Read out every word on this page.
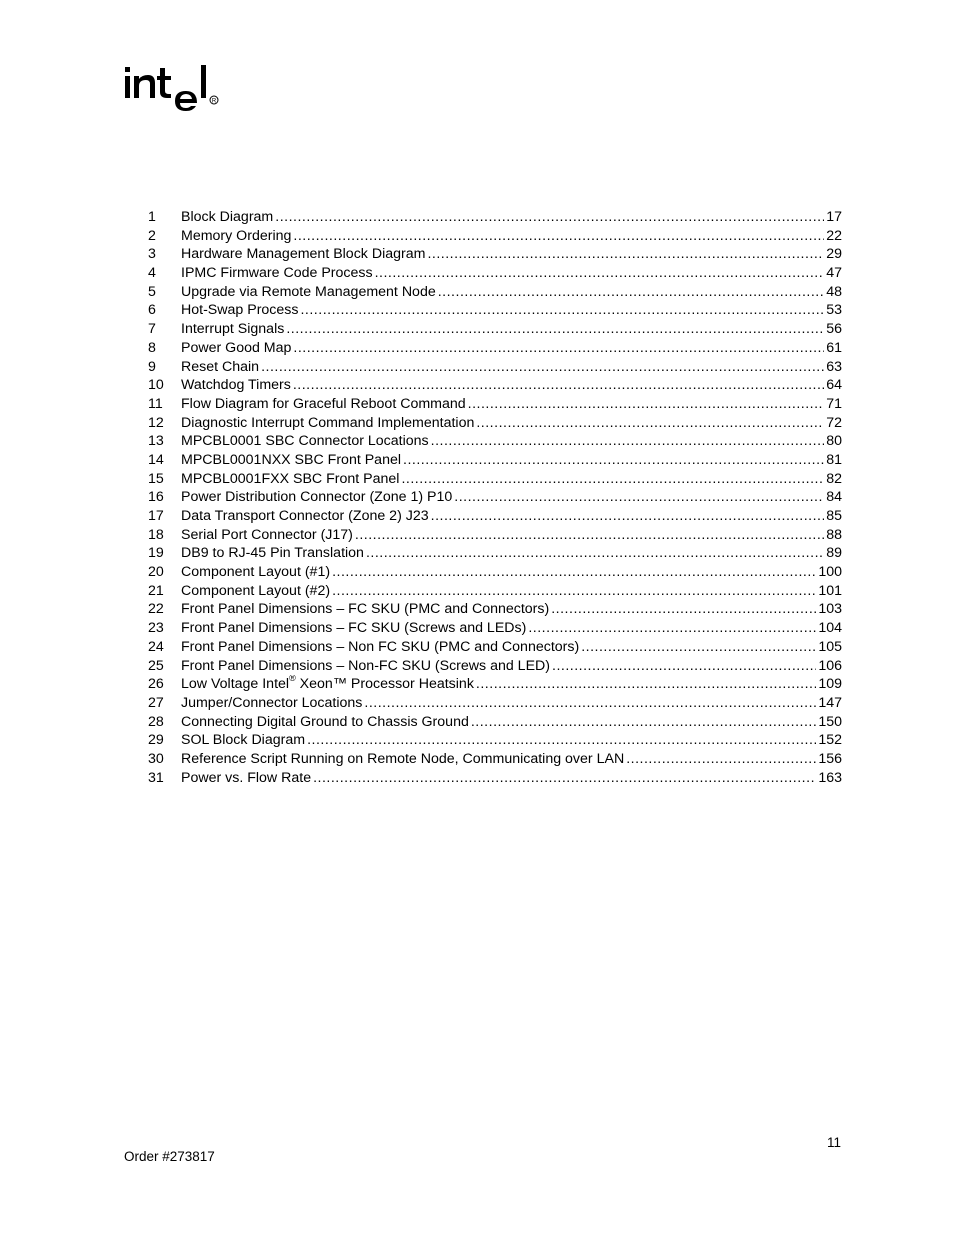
R
1	Block Diagram .....	17
2	Memory Ordering .....	22
3	Hardware Management Block Diagram .....	29
4	IPMC Firmware Code Process .....	47
5	Upgrade via Remote Management Node .....	48
6	Hot-Swap Process .....	53
7	Interrupt Signals .....	56
8	Power Good Map .....	61
9	Reset Chain .....	63
10	Watchdog Timers .....	64
11	Flow Diagram for Graceful Reboot Command .....	71
12	Diagnostic Interrupt Command Implementation .....	72
13	MPCBL0001 SBC Connector Locations .....	80
14	MPCBL0001NXX SBC Front Panel .....	81
15	MPCBL0001FXX SBC Front Panel .....	82
16	Power Distribution Connector (Zone 1) P10 .....	84
17	Data Transport Connector (Zone 2) J23 .....	85
18	Serial Port Connector (J17) .....	88
19	DB9 to RJ-45 Pin Translation .....	89
20	Component Layout (#1) .....	100
21	Component Layout (#2) .....	101
22	Front Panel Dimensions – FC SKU (PMC and Connectors) .....	103
23	Front Panel Dimensions – FC SKU (Screws and LEDs) .....	104
24	Front Panel Dimensions – Non FC SKU (PMC and Connectors) .....	105
25	Front Panel Dimensions – Non-FC SKU (Screws and LED) .....	106
26	Low Voltage Intel® Xeon™ Processor Heatsink .....	109
27	Jumper/Connector Locations .....	147
28	Connecting Digital Ground to Chassis Ground .....	150
29	SOL Block Diagram .....	152
30	Reference Script Running on Remote Node, Communicating over LAN .....	156
31	Power vs. Flow Rate .....	163
11
Order #273817
